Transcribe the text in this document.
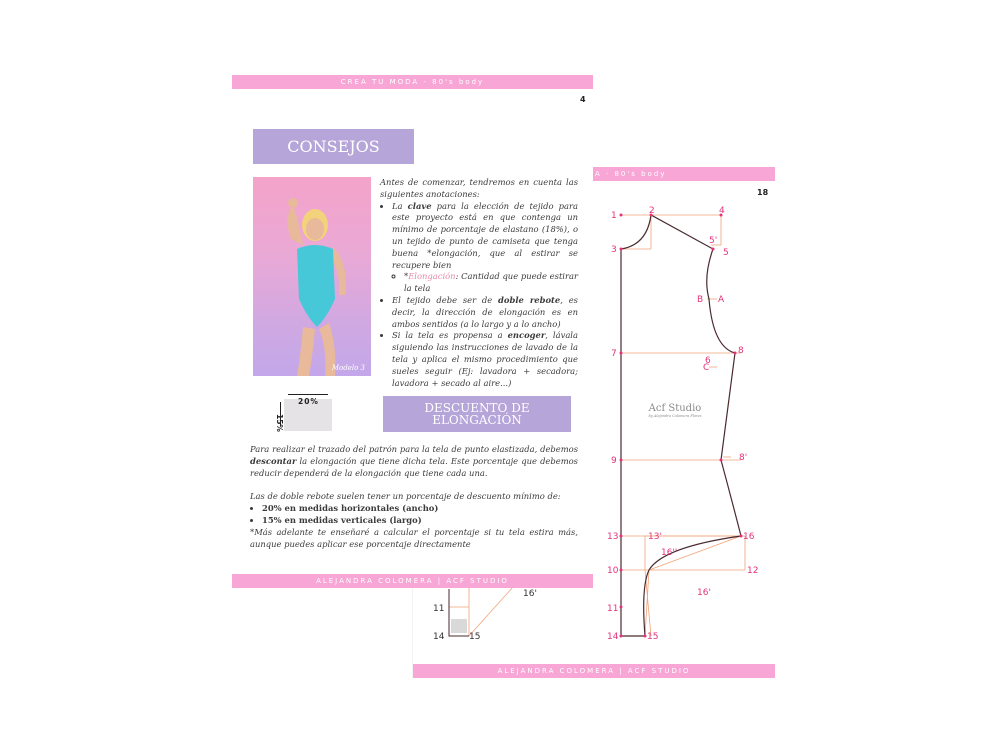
A · 80's body
18
1	2	4
3
5'
5
B A
C
7
6
8
9	8'
13	13'	16
16''
10	12
16'
11
14	15
11
14	15
16'
Acf Studio
by Alejandra Colomera Flores
ALEJANDRA COLOMERA | ACF STUDIO
CREA TU MODA - 80's body
4
CONSEJOS
Modelo 3

Antes de comenzar, tendremos en cuenta las siguientes anotaciones:

• La clave para la elección de tejido para este proyecto está en que contenga un mínimo de porcentaje de elastano (18%), o un tejido de punto de camiseta que tenga buena *elongación, que al estirar se recupere bien
◦ *Elongación: Cantidad que puede estirar la tela
• El tejido debe ser de doble rebote, es decir, la dirección de elongación es en ambos sentidos (a lo largo y a lo ancho)
• Si la tela es propensa a encoger, lávala siguiendo las instrucciones de lavado de la tela y aplica el mismo procedimiento que sueles seguir (Ej: lavadora + secadora; lavadora + secado al aire...)
20%
15%
DESCUENTO DE ELONGACIÓN

Para realizar el trazado del patrón para la tela de punto elastizada, debemos descontar la elongación que tiene dicha tela. Este porcentaje que debemos reducir dependerá de la elongación que tiene cada una.

Las de doble rebote suelen tener un porcentaje de descuento mínimo de:

• 20% en medidas horizontales (ancho)
• 15% en medidas verticales (largo)

*Más adelante te enseñaré a calcular el porcentaje si tu tela estira más, aunque puedes aplicar ese porcentaje directamente

ALEJANDRA COLOMERA | ACF STUDIO
